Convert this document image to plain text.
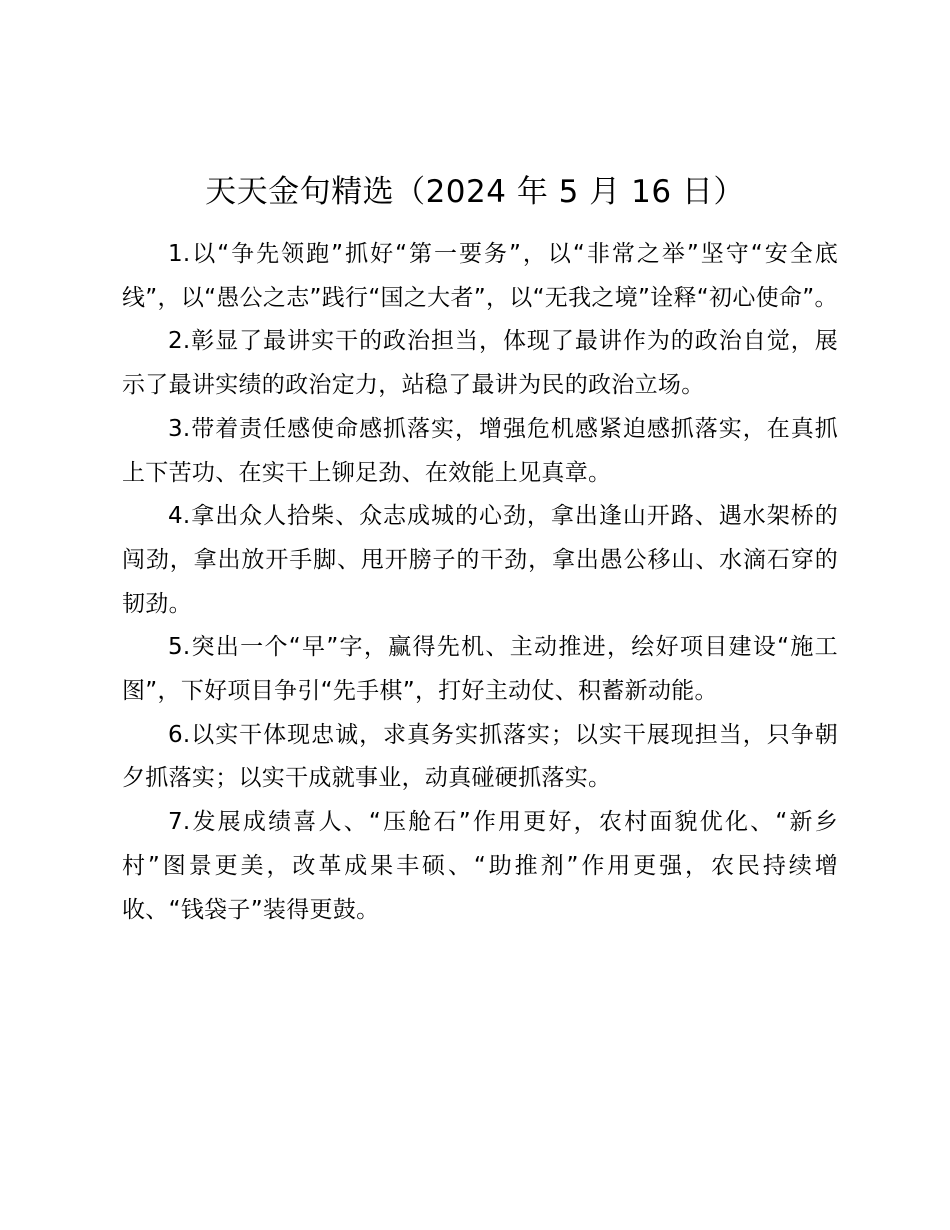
天天金句精选（2024 年 5 月 16 日）

1.以“争先领跑”抓好“第一要务”，以“非常之举”坚守“安全底线”，以“愚公之志”践行“国之大者”，以“无我之境”诠释“初心使命”。

2.彰显了最讲实干的政治担当，体现了最讲作为的政治自觉，展示了最讲实绩的政治定力，站稳了最讲为民的政治立场。

3.带着责任感使命感抓落实，增强危机感紧迫感抓落实，在真抓上下苦功、在实干上铆足劲、在效能上见真章。

4.拿出众人拾柴、众志成城的心劲，拿出逢山开路、遇水架桥的闯劲，拿出放开手脚、甩开膀子的干劲，拿出愚公移山、水滴石穿的韧劲。

5.突出一个“早”字，赢得先机、主动推进，绘好项目建设“施工图”，下好项目争引“先手棋”，打好主动仗、积蓄新动能。

6.以实干体现忠诚，求真务实抓落实；以实干展现担当，只争朝夕抓落实；以实干成就事业，动真碰硬抓落实。

7.发展成绩喜人、“压舱石”作用更好，农村面貌优化、“新乡村”图景更美，改革成果丰硕、“助推剂”作用更强，农民持续增收、“钱袋子”装得更鼓。
